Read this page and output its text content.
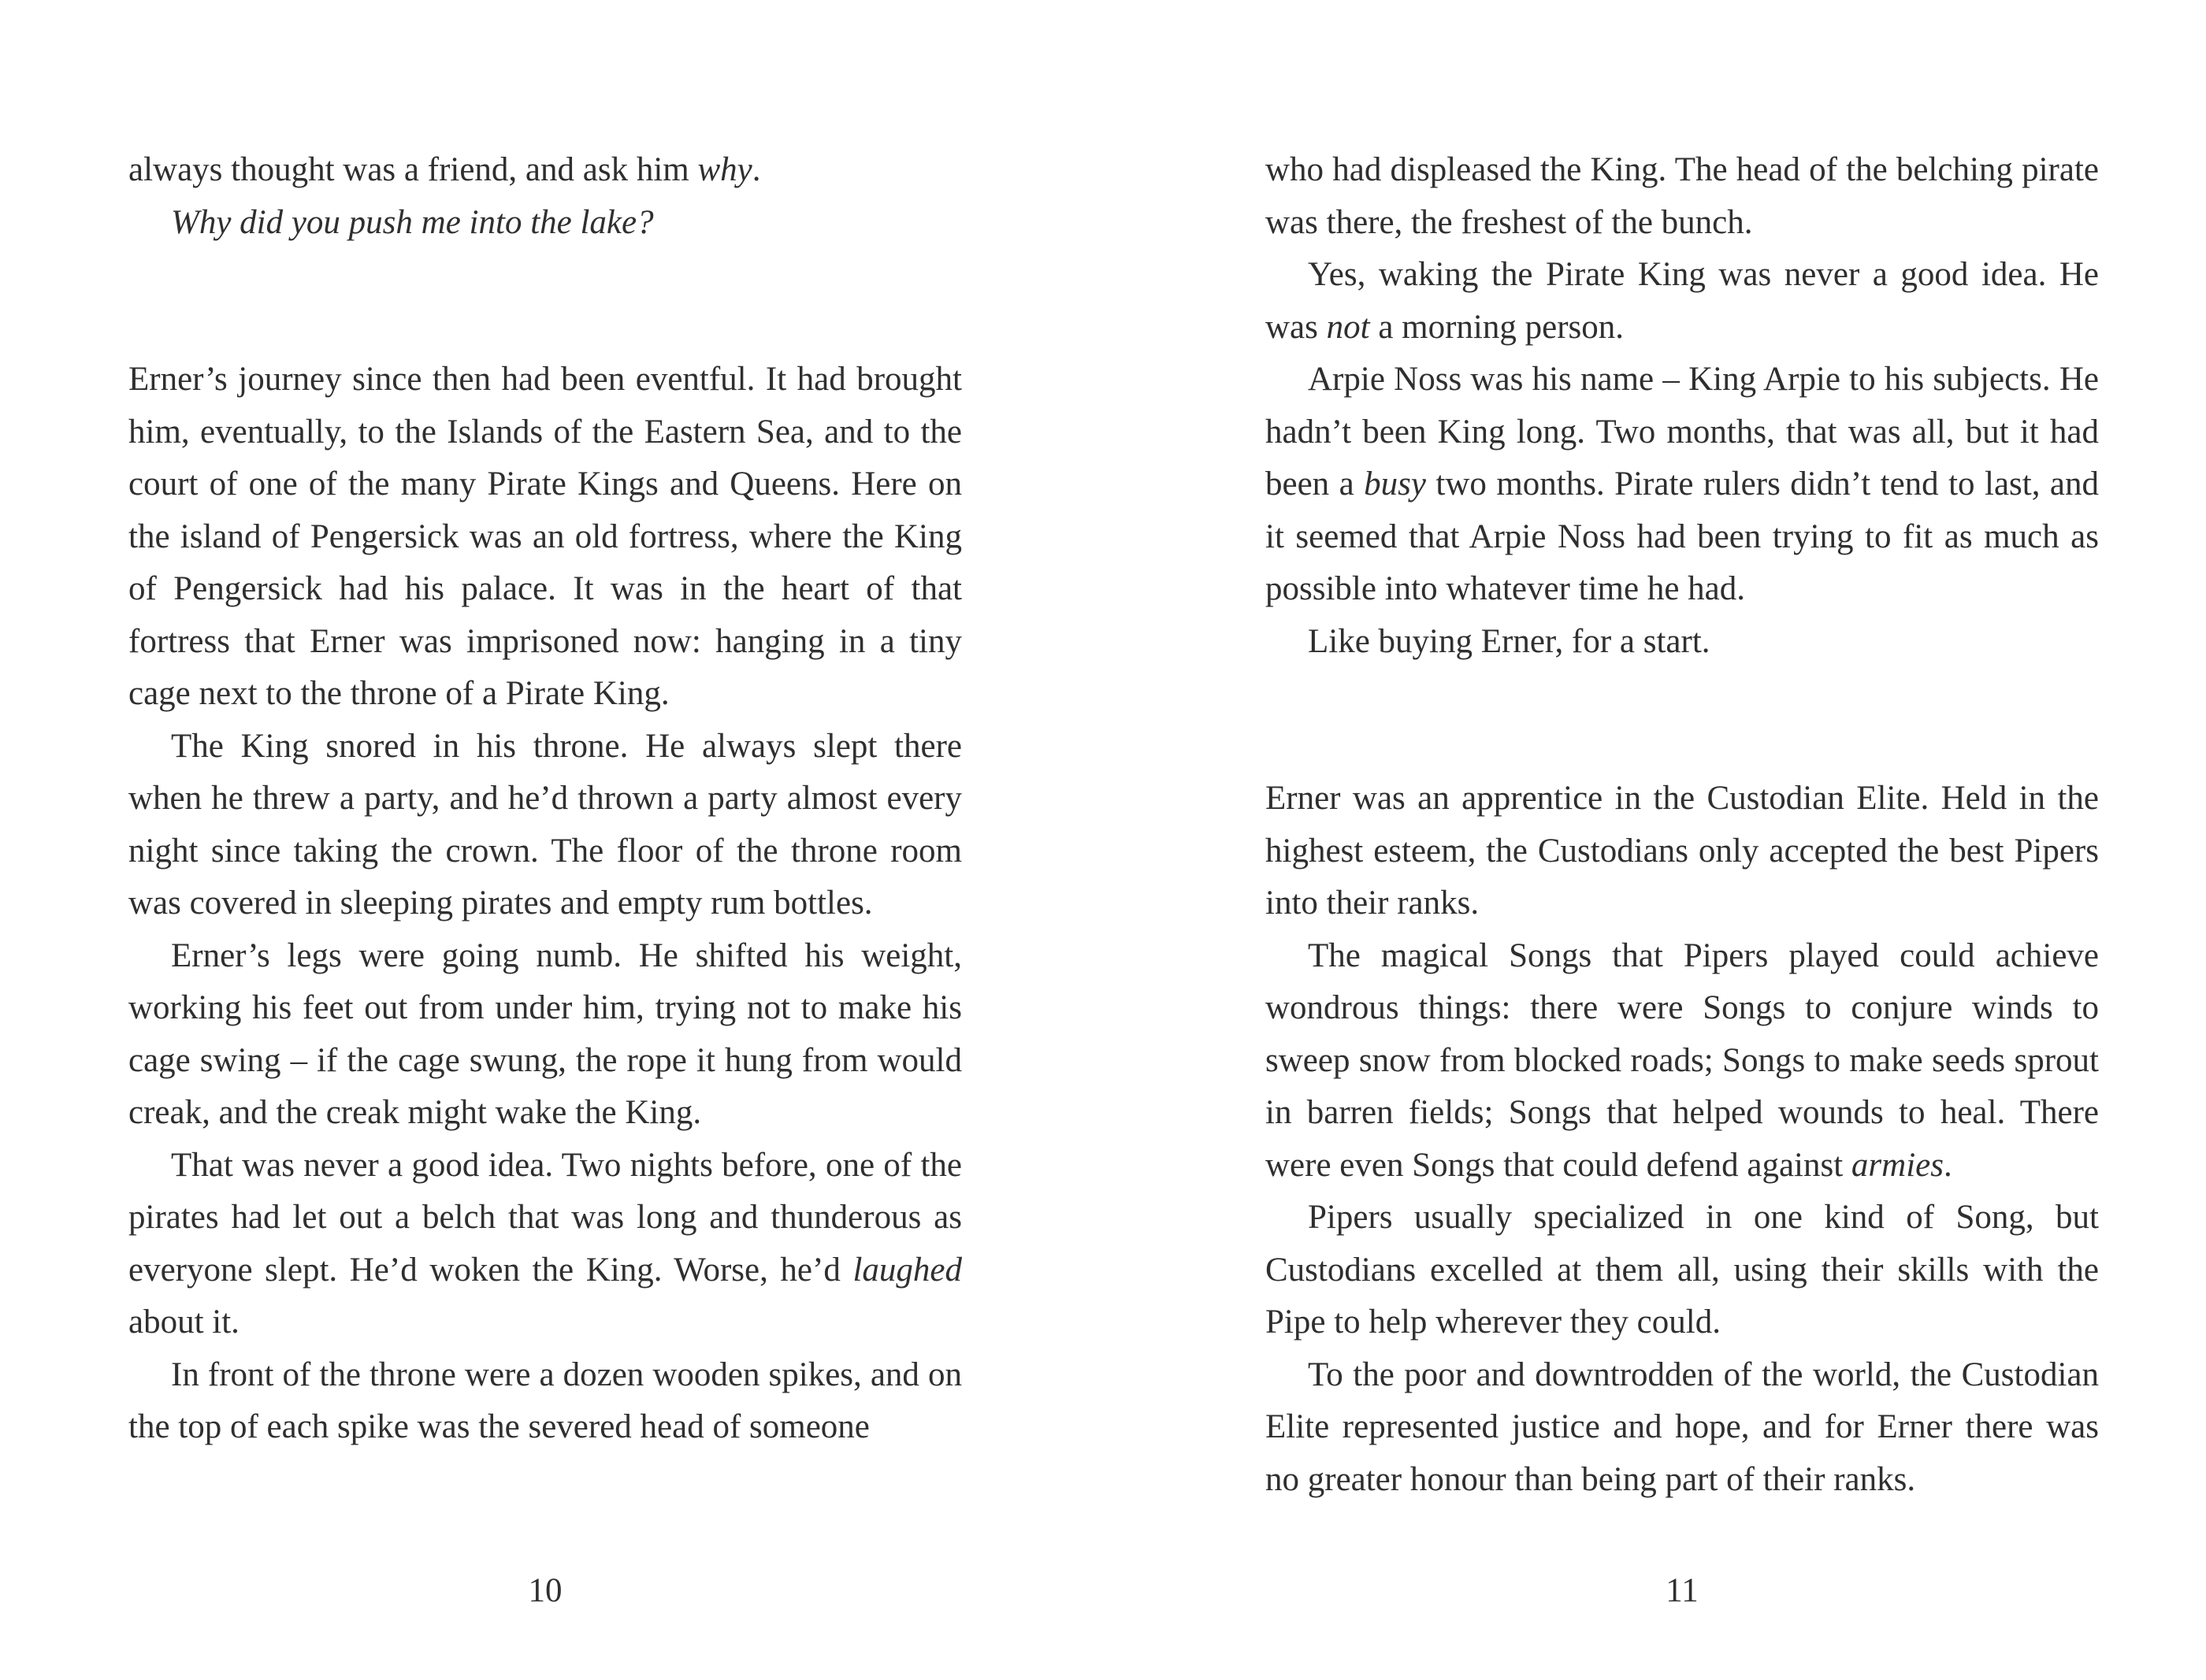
always thought was a friend, and ask him why.

Why did you push me into the lake?

Erner’s journey since then had been eventful. It had brought him, eventually, to the Islands of the Eastern Sea, and to the court of one of the many Pirate Kings and Queens. Here on the island of Pengersick was an old fortress, where the King of Pengersick had his palace. It was in the heart of that fortress that Erner was imprisoned now: hanging in a tiny cage next to the throne of a Pirate King.

The King snored in his throne. He always slept there when he threw a party, and he’d thrown a party almost every night since taking the crown. The floor of the throne room was covered in sleeping pirates and empty rum bottles.

Erner’s legs were going numb. He shifted his weight, working his feet out from under him, trying not to make his cage swing – if the cage swung, the rope it hung from would creak, and the creak might wake the King.

That was never a good idea. Two nights before, one of the pirates had let out a belch that was long and thunderous as everyone slept. He’d woken the King. Worse, he’d laughed about it.

In front of the throne were a dozen wooden spikes, and on the top of each spike was the severed head of someone

10

who had displeased the King. The head of the belching pirate was there, the freshest of the bunch.

Yes, waking the Pirate King was never a good idea. He was not a morning person.

Arpie Noss was his name – King Arpie to his subjects. He hadn’t been King long. Two months, that was all, but it had been a busy two months. Pirate rulers didn’t tend to last, and it seemed that Arpie Noss had been trying to fit as much as possible into whatever time he had.

Like buying Erner, for a start.

Erner was an apprentice in the Custodian Elite. Held in the highest esteem, the Custodians only accepted the best Pipers into their ranks.

The magical Songs that Pipers played could achieve wondrous things: there were Songs to conjure winds to sweep snow from blocked roads; Songs to make seeds sprout in barren fields; Songs that helped wounds to heal. There were even Songs that could defend against armies.

Pipers usually specialized in one kind of Song, but Custodians excelled at them all, using their skills with the Pipe to help wherever they could.

To the poor and downtrodden of the world, the Custodian Elite represented justice and hope, and for Erner there was no greater honour than being part of their ranks.

11
